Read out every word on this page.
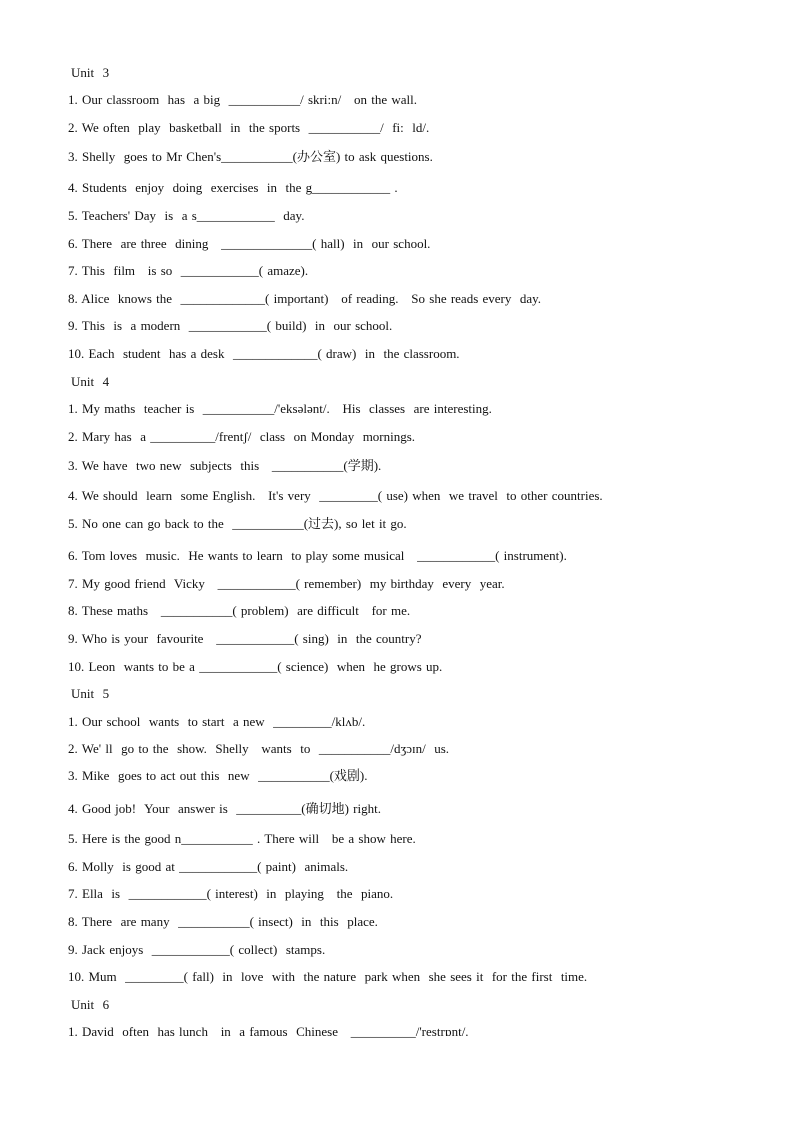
Unit  3
1. Our classroom  has  a big  ___________/ skri:n/   on the wall.
2. We often  play  basketball  in  the sports  ___________/  fi:  ld/.
3. Shelly  goes to Mr Chen's___________(办公室) to ask questions.
4. Students  enjoy  doing  exercises  in  the g____________ .
5. Teachers' Day  is  a s____________  day.
6. There  are three  dining   ______________( hall)  in  our school.
7. This  film   is so  ____________( amaze).
8. Alice  knows the  _____________( important)   of reading.   So she reads every  day.
9. This  is  a modern  ____________( build)  in  our school.
10. Each  student  has a desk  _____________( draw)  in  the classroom.
Unit  4
1. My maths  teacher is  ___________/'eksələnt/.   His  classes  are interesting.
2. Mary has  a __________/frentʃ/  class  on Monday  mornings.
3. We have  two new  subjects  this   ___________(学期).
4. We should  learn  some English.   It's very  _________( use) when  we travel  to other countries.
5. No one can go back to the  ___________(过去), so let it go.
6. Tom loves  music.  He wants to learn  to play some musical   ____________( instrument).
7. My good friend  Vicky   ____________( remember)  my birthday  every  year.
8. These maths   ___________( problem)  are difficult   for me.
9. Who is your  favourite   ____________( sing)  in  the country?
10. Leon  wants to be a ____________( science)  when  he grows up.
Unit  5
1. Our school  wants  to start  a new  _________/klʌb/.
2. We' ll  go to the  show.  Shelly   wants  to  ___________/dʒɔɪn/  us.
3. Mike  goes to act out this  new  ___________(戏剧).
4. Good job!  Your  answer is  __________(确切地) right.
5. Here is the good n___________ . There will   be a show here.
6. Molly  is good at ____________( paint)  animals.
7. Ella  is  ____________( interest)  in  playing   the  piano.
8. There  are many  ___________( insect)  in  this  place.
9. Jack enjoys  ____________( collect)  stamps.
10. Mum  _________( fall)  in  love  with  the nature  park when  she sees it  for the first  time.
Unit  6
1. David  often  has lunch   in  a famous  Chinese   __________/'restrɒnt/.
